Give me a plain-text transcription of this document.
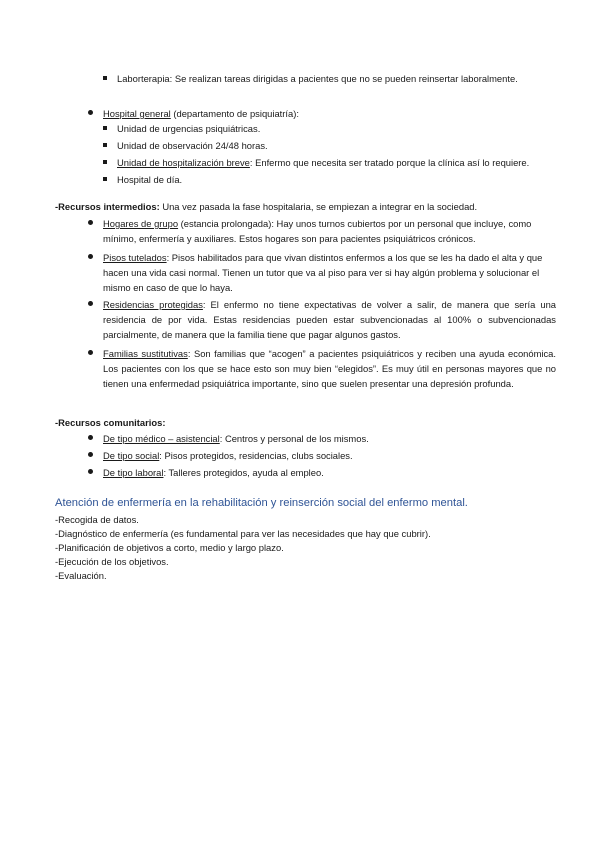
Laborterapia: Se realizan tareas dirigidas a pacientes que no se pueden reinsertar laboralmente.
Hospital general (departamento de psiquiatría):
Unidad de urgencias psiquiátricas.
Unidad de observación 24/48 horas.
Unidad de hospitalización breve: Enfermo que necesita ser tratado porque la clínica así lo requiere.
Hospital de día.
-Recursos intermedios: Una vez pasada la fase hospitalaria, se empiezan a integrar en la sociedad.
Hogares de grupo (estancia prolongada): Hay unos turnos cubiertos por un personal que incluye, como mínimo, enfermería y auxiliares. Estos hogares son para pacientes psiquiátricos crónicos.
Pisos tutelados: Pisos habilitados para que vivan distintos enfermos a los que se les ha dado el alta y que hacen una vida casi normal. Tienen un tutor que va al piso para ver si hay algún problema y solucionar el mismo en caso de que lo haya.
Residencias protegidas: El enfermo no tiene expectativas de volver a salir, de manera que sería una residencia de por vida. Estas residencias pueden estar subvencionadas al 100% o subvencionadas parcialmente, de manera que la familia tiene que pagar algunos gastos.
Familias sustitutivas: Son familias que “acogen” a pacientes psiquiátricos y reciben una ayuda económica. Los pacientes con los que se hace esto son muy bien “elegidos”. Es muy útil en personas mayores que no tienen una enfermedad psiquiátrica importante, sino que suelen presentar una depresión profunda.
-Recursos comunitarios:
De tipo médico – asistencial: Centros y personal de los mismos.
De tipo social: Pisos protegidos, residencias, clubs sociales.
De tipo laboral: Talleres protegidos, ayuda al empleo.
Atención de enfermería en la rehabilitación y reinserción social del enfermo mental.
-Recogida de datos.
-Diagnóstico de enfermería (es fundamental para ver las necesidades que hay que cubrir).
-Planificación de objetivos a corto, medio y largo plazo.
-Ejecución de los objetivos.
-Evaluación.
